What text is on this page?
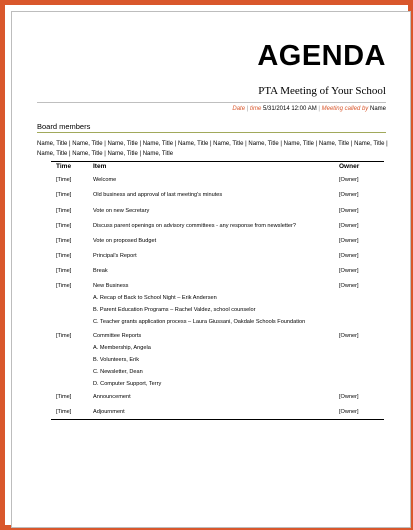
AGENDA
PTA Meeting of Your School
Date | time 5/31/2014 12:00 AM | Meeting called by Name
Board members
Name, Title | Name, Title | Name, Title | Name, Title | Name, Title | Name, Title | Name, Title | Name, Title | Name, Title | Name, Title | Name, Title | Name, Title | Name, Title | Name, Title
Time	Item	Owner
[Time]	Welcome	[Owner]
[Time]	Old business and approval of last meeting's minutes	[Owner]
[Time]	Vote on new Secretary	[Owner]
[Time]	Discuss parent openings on advisory committees - any response from newsletter?	[Owner]
[Time]	Vote on proposed Budget	[Owner]
[Time]	Principal's Report	[Owner]
[Time]	Break	[Owner]
[Time]	New Business	[Owner]
A. Recap of Back to School Night – Erik Andersen
B. Parent Education Programs – Rachel Valdez, school counselor
C. Teacher grants application process – Laura Giussani, Oakdale Schools Foundation
[Time]	Committee Reports	[Owner]
A. Membership, Angela
B. Volunteers, Erik
C. Newsletter, Dean
D. Computer Support, Terry
[Time]	Announcement	[Owner]
[Time]	Adjournment	[Owner]
